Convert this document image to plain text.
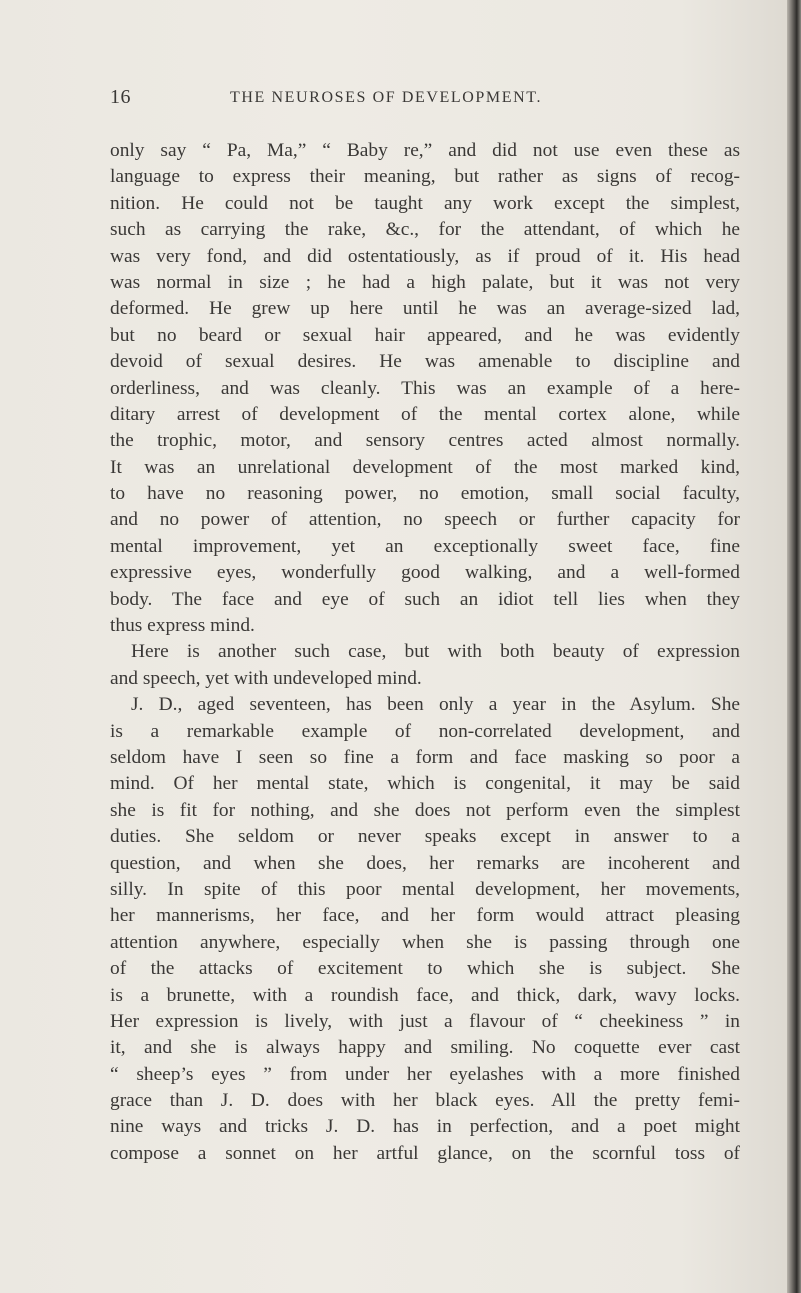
16	THE NEUROSES OF DEVELOPMENT.
only say “ Pa, Ma,” “ Baby re,” and did not use even these as
language to express their meaning, but rather as signs of recog-
nition. He could not be taught any work except the simplest,
such as carrying the rake, &c., for the attendant, of which he
was very fond, and did ostentatiously, as if proud of it. His head
was normal in size ; he had a high palate, but it was not very
deformed. He grew up here until he was an average-sized lad,
but no beard or sexual hair appeared, and he was evidently
devoid of sexual desires. He was amenable to discipline and
orderliness, and was cleanly. This was an example of a here-
ditary arrest of development of the mental cortex alone, while
the trophic, motor, and sensory centres acted almost normally.
It was an unrelational development of the most marked kind,
to have no reasoning power, no emotion, small social faculty,
and no power of attention, no speech or further capacity for
mental improvement, yet an exceptionally sweet face, fine
expressive eyes, wonderfully good walking, and a well-formed
body. The face and eye of such an idiot tell lies when they
thus express mind.
Here is another such case, but with both beauty of expression
and speech, yet with undeveloped mind.
J. D., aged seventeen, has been only a year in the Asylum. She
is a remarkable example of non-correlated development, and
seldom have I seen so fine a form and face masking so poor a
mind. Of her mental state, which is congenital, it may be said
she is fit for nothing, and she does not perform even the simplest
duties. She seldom or never speaks except in answer to a
question, and when she does, her remarks are incoherent and
silly. In spite of this poor mental development, her movements,
her mannerisms, her face, and her form would attract pleasing
attention anywhere, especially when she is passing through one
of the attacks of excitement to which she is subject. She
is a brunette, with a roundish face, and thick, dark, wavy locks.
Her expression is lively, with just a flavour of “ cheekiness ” in
it, and she is always happy and smiling. No coquette ever cast
“ sheep’s eyes ” from under her eyelashes with a more finished
grace than J. D. does with her black eyes. All the pretty femi-
nine ways and tricks J. D. has in perfection, and a poet might
compose a sonnet on her artful glance, on the scornful toss of
